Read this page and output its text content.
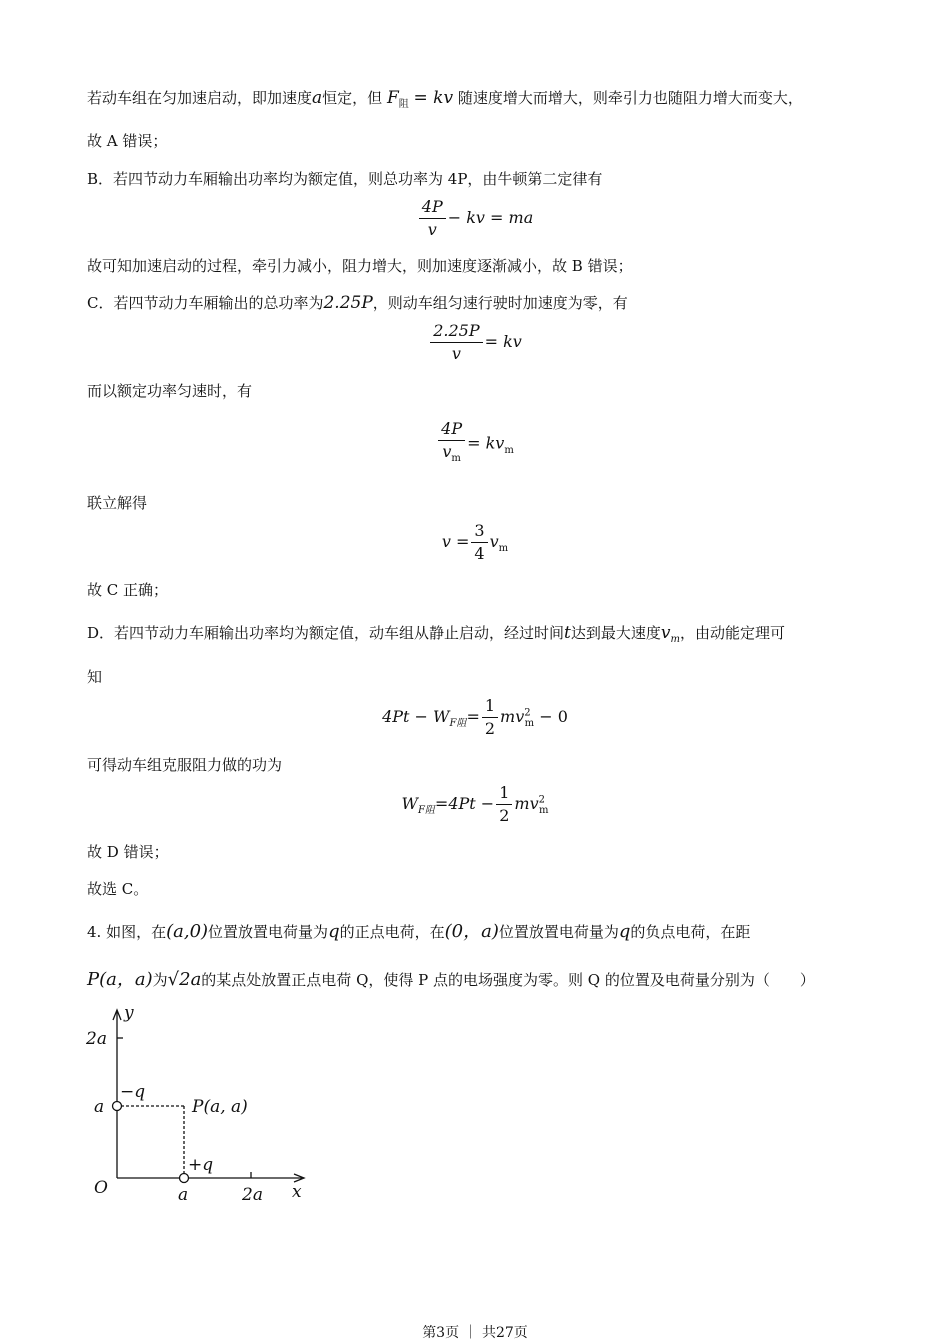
若动车组在匀加速启动，即加速度a恒定，但 $F_阻$ = kv 随速度增大而增大，则牵引力也随阻力增大而变大，
故 A 错误；
B．若四节动力车厢输出功率均为额定值，则总功率为 4P，由牛顿第二定律有
$\frac{4P}{v}$ − kv = ma
故可知加速启动的过程，牵引力减小，阻力增大，则加速度逐渐减小，故 B 错误；
C．若四节动力车厢输出的总功率为2.25P，则动车组匀速行驶时加速度为零，有
$\frac{2.25P}{v}$ = kv
而以额定功率匀速时，有
$\frac{4P}{v_m} = kv_m$
联立解得
$v = \frac{3}{4} v_m$
故 C 正确；
D．若四节动力车厢输出功率均为额定值，动车组从静止启动，经过时间t达到最大速度$v_m$，由动能定理可
知
$4Pt - W_{F阻}= \frac{1}{2} mv^2_m - 0$
可得动车组克服阻力做的功为
$W_{F阻}=4Pt - \frac{1}{2} mv^2_m$
故 D 错误；
故选 C。
4. 如图，在(a,0)位置放置电荷量为q的正点电荷，在(0，a)位置放置电荷量为q的负点电荷，在距
P(a，a)为√2a的某点处放置正点电荷 Q，使得 P 点的电场强度为零。则 Q 的位置及电荷量分别为（　　）
y
x
O
2a
a
a	2a
−q
+q
P(a, a)
第3页 ｜ 共27页
